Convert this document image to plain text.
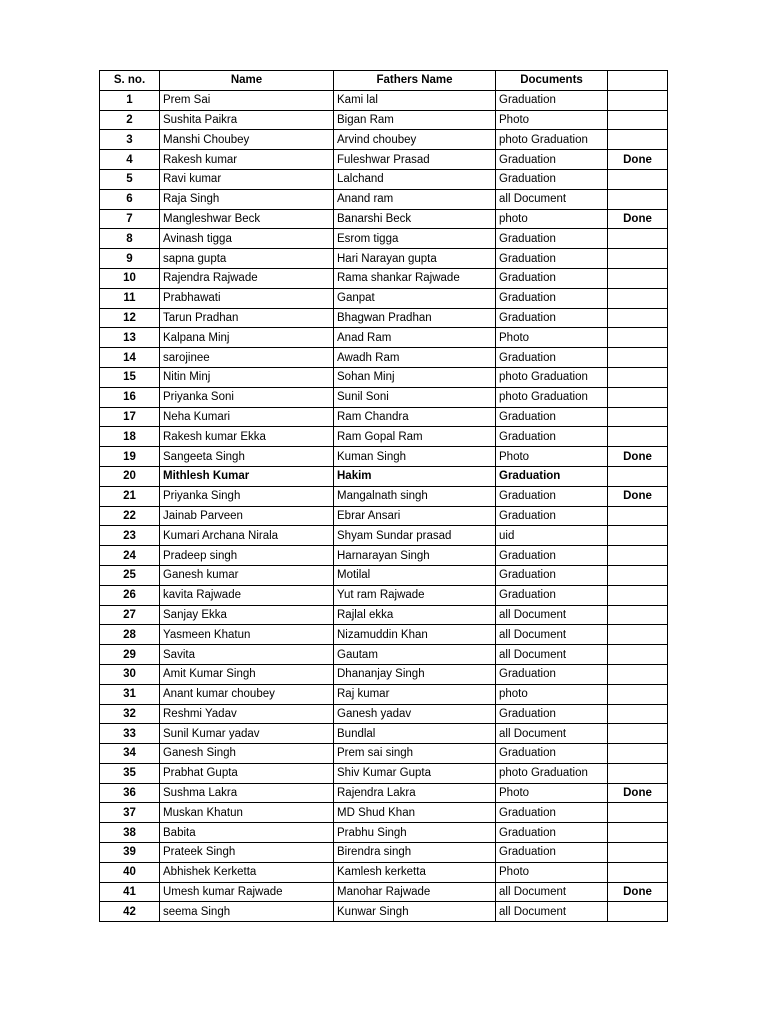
S. no.	Name	Fathers Name	Documents	
1	Prem Sai	Kami lal	Graduation	
2	Sushita Paikra	Bigan Ram	Photo	
3	Manshi Choubey	Arvind choubey	photo Graduation	
4	Rakesh kumar	Fuleshwar Prasad	Graduation	Done
5	Ravi kumar	Lalchand	Graduation	
6	Raja Singh	Anand ram	all Document	
7	Mangleshwar Beck	Banarshi Beck	photo	Done
8	Avinash tigga	Esrom tigga	Graduation	
9	sapna gupta	Hari Narayan gupta	Graduation	
10	Rajendra Rajwade	Rama shankar Rajwade	Graduation	
11	Prabhawati	Ganpat	Graduation	
12	Tarun Pradhan	Bhagwan Pradhan	Graduation	
13	Kalpana Minj	Anad Ram	Photo	
14	sarojinee	Awadh Ram	Graduation	
15	Nitin Minj	Sohan Minj	photo Graduation	
16	Priyanka Soni	Sunil Soni	photo Graduation	
17	Neha Kumari	Ram Chandra	Graduation	
18	Rakesh kumar Ekka	Ram Gopal Ram	Graduation	
19	Sangeeta Singh	Kuman Singh	Photo	Done
20	Mithlesh Kumar	Hakim	Graduation	
21	Priyanka Singh	Mangalnath singh	Graduation	Done
22	Jainab Parveen	Ebrar Ansari	Graduation	
23	Kumari Archana Nirala	Shyam Sundar prasad	uid	
24	Pradeep singh	Harnarayan Singh	Graduation	
25	Ganesh kumar	Motilal	Graduation	
26	kavita Rajwade	Yut ram Rajwade	Graduation	
27	Sanjay Ekka	Rajlal ekka	all Document	
28	Yasmeen Khatun	Nizamuddin Khan	all Document	
29	Savita	Gautam	all Document	
30	Amit Kumar Singh	Dhananjay Singh	Graduation	
31	Anant kumar choubey	Raj kumar	photo	
32	Reshmi Yadav	Ganesh yadav	Graduation	
33	Sunil Kumar yadav	Bundlal	all Document	
34	Ganesh Singh	Prem sai singh	Graduation	
35	Prabhat Gupta	Shiv Kumar Gupta	photo Graduation	
36	Sushma Lakra	Rajendra Lakra	Photo	Done
37	Muskan Khatun	MD Shud Khan	Graduation	
38	Babita	Prabhu Singh	Graduation	
39	Prateek Singh	Birendra singh	Graduation	
40	Abhishek Kerketta	Kamlesh kerketta	Photo	
41	Umesh kumar Rajwade	Manohar Rajwade	all Document	Done
42	seema Singh	Kunwar Singh	all Document	
